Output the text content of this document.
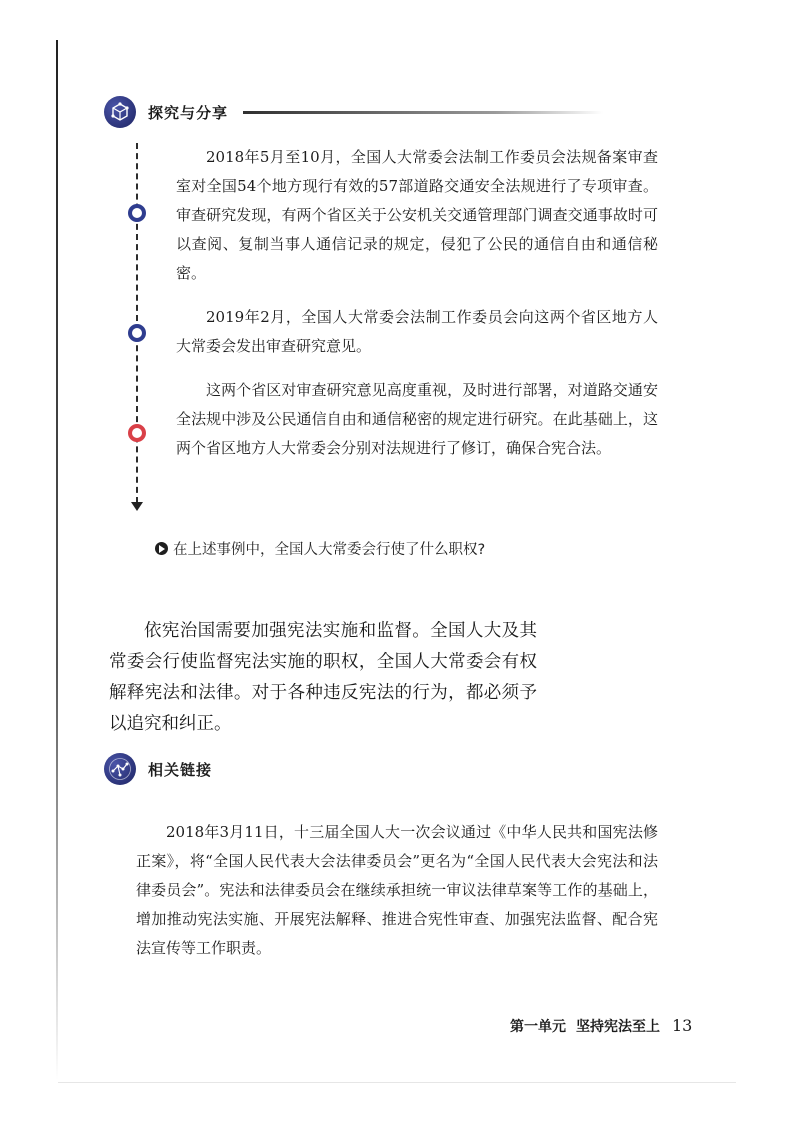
探究与分享

2018年5月至10月，全国人大常委会法制工作委员会法规备案审查室对全国54个地方现行有效的57部道路交通安全法规进行了专项审查。审查研究发现，有两个省区关于公安机关交通管理部门调查交通事故时可以查阅、复制当事人通信记录的规定，侵犯了公民的通信自由和通信秘密。

2019年2月，全国人大常委会法制工作委员会向这两个省区地方人大常委会发出审查研究意见。

这两个省区对审查研究意见高度重视，及时进行部署，对道路交通安全法规中涉及公民通信自由和通信秘密的规定进行研究。在此基础上，这两个省区地方人大常委会分别对法规进行了修订，确保合宪合法。

在上述事例中，全国人大常委会行使了什么职权?

依宪治国需要加强宪法实施和监督。全国人大及其常委会行使监督宪法实施的职权，全国人大常委会有权解释宪法和法律。对于各种违反宪法的行为，都必须予以追究和纠正。

相关链接

2018年3月11日，十三届全国人大一次会议通过《中华人民共和国宪法修正案》，将“全国人民代表大会法律委员会”更名为“全国人民代表大会宪法和法律委员会”。宪法和法律委员会在继续承担统一审议法律草案等工作的基础上，增加推动宪法实施、开展宪法解释、推进合宪性审查、加强宪法监督、配合宪法宣传等工作职责。

第一单元 坚持宪法至上 13
